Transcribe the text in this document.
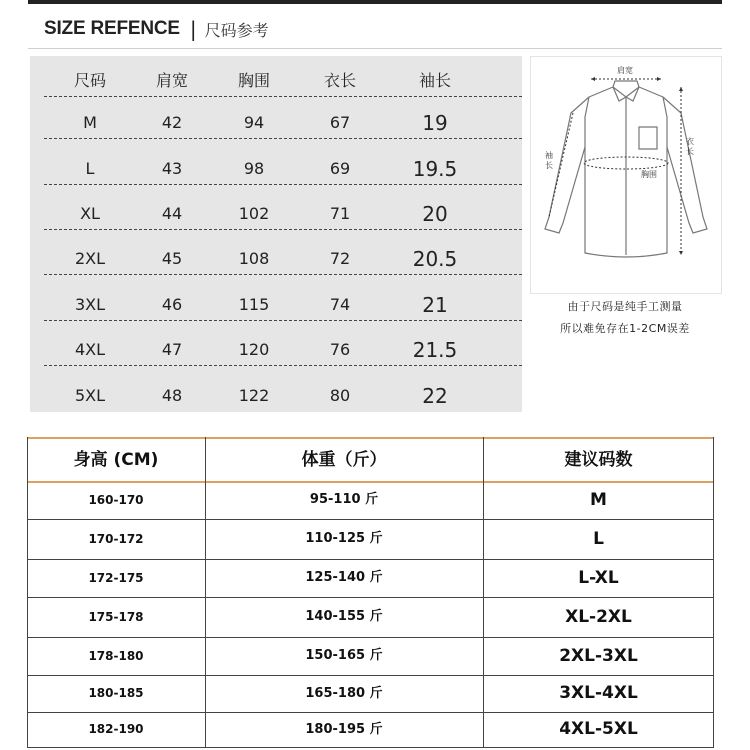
SIZE REFENCE | 尺码参考
尺码	肩宽	胸围	衣长	袖长
M	42	94	67	19
L	43	98	69	19.5
XL	44	102	71	20
2XL	45	108	72	20.5
3XL	46	115	74	21
4XL	47	120	76	21.5
5XL	48	122	80	22
肩宽
袖长
衣长
胸围
由于尺码是纯手工测量
所以难免存在1-2CM误差
身高 (CM)	体重（斤）	建议码数
160-170	95-110 斤	M
170-172	110-125 斤	L
172-175	125-140 斤	L-XL
175-178	140-155 斤	XL-2XL
178-180	150-165 斤	2XL-3XL
180-185	165-180 斤	3XL-4XL
182-190	180-195 斤	4XL-5XL
